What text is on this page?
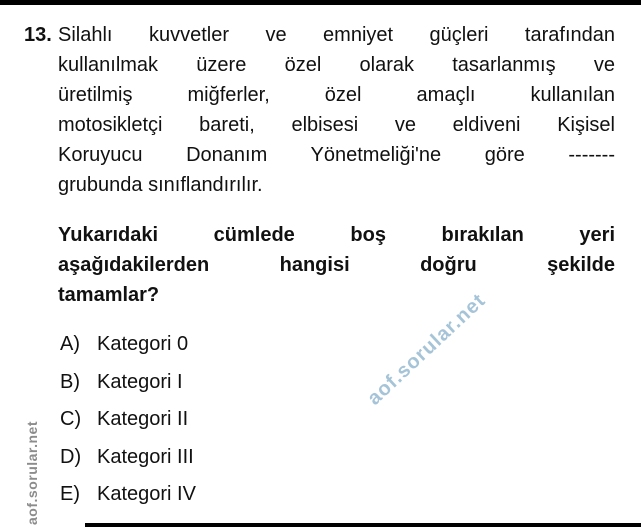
aof.sorular.net
aof.sorular.net
13. Silahlı kuvvetler ve emniyet güçleri tarafından
kullanılmak üzere özel olarak tasarlanmış ve
üretilmiş miğferler, özel amaçlı kullanılan
motosikletçi bareti, elbisesi ve eldiveni Kişisel
Koruyucu Donanım Yönetmeliği'ne göre -------
grubunda sınıflandırılır.
Yukarıdaki cümlede boş bırakılan yeri
aşağıdakilerden hangisi doğru şekilde
tamamlar?
A) Kategori 0
B) Kategori I
C) Kategori II
D) Kategori III
E) Kategori IV
